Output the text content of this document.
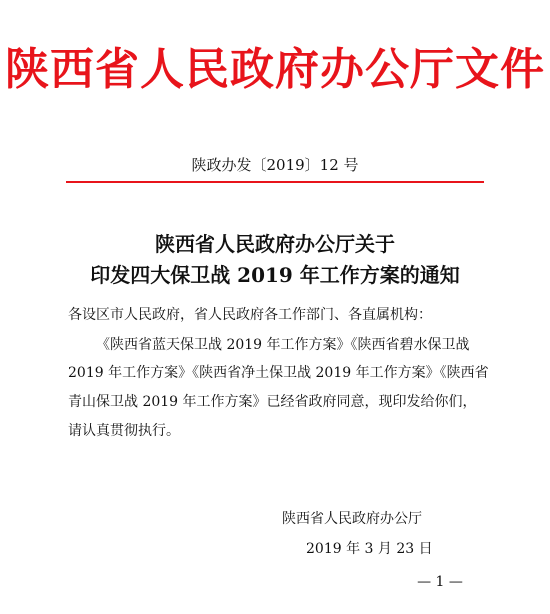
陕西省人民政府办公厅文件
陕政办发〔2019〕12 号
陕西省人民政府办公厅关于
印发四大保卫战 2019 年工作方案的通知
各设区市人民政府，省人民政府各工作部门、各直属机构：
《陕西省蓝天保卫战 2019 年工作方案》《陕西省碧水保卫战
2019 年工作方案》《陕西省净土保卫战 2019 年工作方案》《陕西省
青山保卫战 2019 年工作方案》已经省政府同意，现印发给你们，
请认真贯彻执行。
陕西省人民政府办公厅
2019 年 3 月 23 日
— 1 —
